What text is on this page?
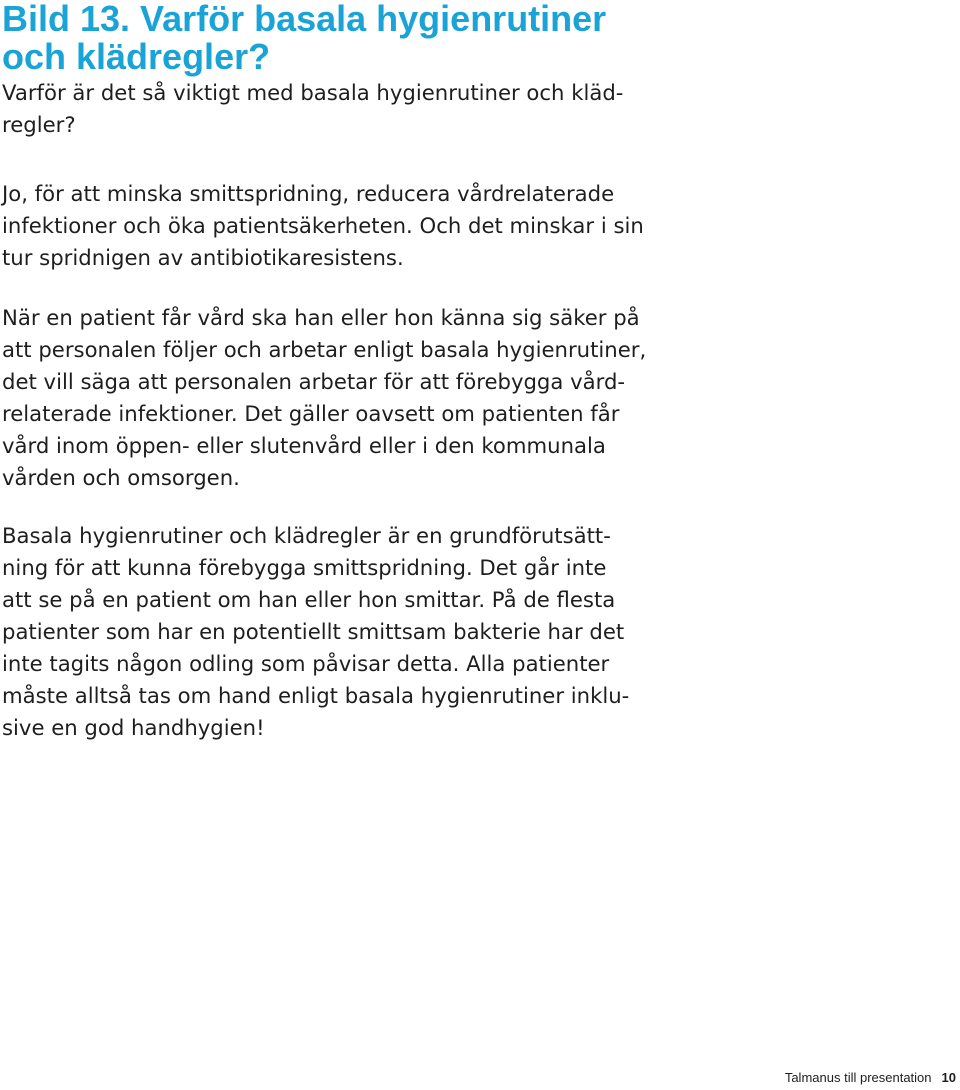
Bild 13. Varför basala hygienrutiner
och klädregler?

Varför är det så viktigt med basala hygienrutiner och kläd-
regler?

Jo, för att minska smittspridning, reducera vårdrelaterade
infektioner och öka patientsäkerheten. Och det minskar i sin
tur spridnigen av antibiotikaresistens.

När en patient får vård ska han eller hon känna sig säker på
att personalen följer och arbetar enligt basala hygienrutiner,
det vill säga att personalen arbetar för att förebygga vård-
relaterade infektioner. Det gäller oavsett om patienten får
vård inom öppen- eller slutenvård eller i den kommunala
vården och omsorgen.

Basala hygienrutiner och klädregler är en grundförutsätt-
ning för att kunna förebygga smittspridning. Det går inte
att se på en patient om han eller hon smittar. På de flesta
patienter som har en potentiellt smittsam bakterie har det
inte tagits någon odling som påvisar detta. Alla patienter
måste alltså tas om hand enligt basala hygienrutiner inklu-
sive en god handhygien!

Talmanus till presentation 10
